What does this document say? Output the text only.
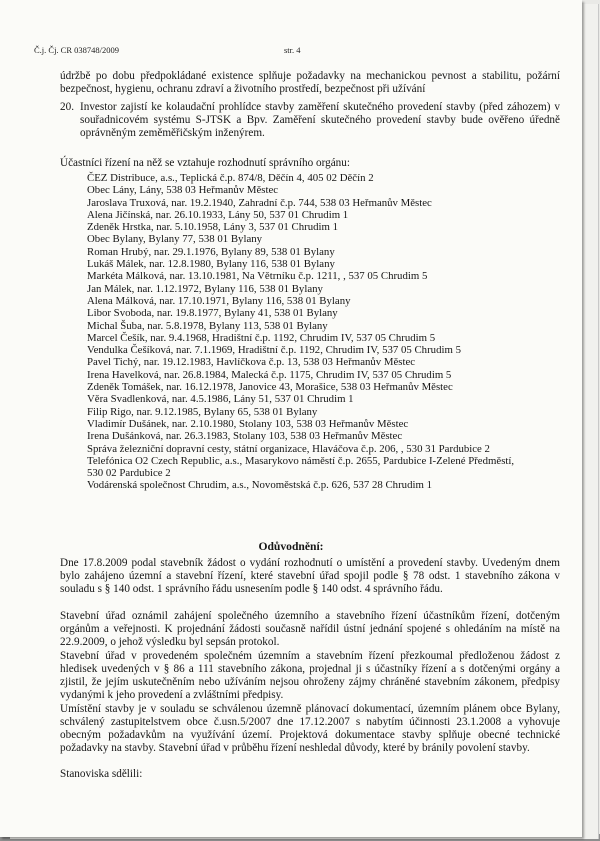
Č.j. Čj. CR 038748/2009	str. 4
údržbě po dobu předpokládané existence splňuje požadavky na mechanickou pevnost a stabilitu, požární bezpečnost, hygienu, ochranu zdraví a životního prostředí, bezpečnost při užívání
20. Investor zajistí ke kolaudační prohlídce stavby zaměření skutečného provedení stavby (před záhozem) v souřadnicovém systému S-JTSK a Bpv. Zaměření skutečného provedení stavby bude ověřeno úředně oprávněným zeměměřičským inženýrem.
Účastníci řízení na něž se vztahuje rozhodnutí správního orgánu:
ČEZ Distribuce, a.s., Teplická č.p. 874/8, Děčín 4, 405 02 Děčín 2
Obec Lány, Lány, 538 03 Heřmanův Městec
Jaroslava Truxová, nar. 19.2.1940, Zahradní č.p. 744, 538 03 Heřmanův Městec
Alena Jičínská, nar. 26.10.1933, Lány 50, 537 01 Chrudim 1
Zdeněk Hrstka, nar. 5.10.1958, Lány 3, 537 01 Chrudim 1
Obec Bylany, Bylany 77, 538 01 Bylany
Roman Hrubý, nar. 29.1.1976, Bylany 89, 538 01 Bylany
Lukáš Málek, nar. 12.8.1980, Bylany 116, 538 01 Bylany
Markéta Málková, nar. 13.10.1981, Na Větrníku č.p. 1211, , 537 05 Chrudim 5
Jan Málek, nar. 1.12.1972, Bylany 116, 538 01 Bylany
Alena Málková, nar. 17.10.1971, Bylany 116, 538 01 Bylany
Libor Svoboda, nar. 19.8.1977, Bylany 41, 538 01 Bylany
Michal Šuba, nar. 5.8.1978, Bylany 113, 538 01 Bylany
Marcel Češík, nar. 9.4.1968, Hradištní č.p. 1192, Chrudim IV, 537 05 Chrudim 5
Vendulka Češíková, nar. 7.1.1969, Hradištní č.p. 1192, Chrudim IV, 537 05 Chrudim 5
Pavel Tichý, nar. 19.12.1983, Havlíčkova č.p. 13, 538 03 Heřmanův Městec
Irena Havelková, nar. 26.8.1984, Malecká č.p. 1175, Chrudim IV, 537 05 Chrudim 5
Zdeněk Tomášek, nar. 16.12.1978, Janovice 43, Morašice, 538 03 Heřmanův Městec
Věra Svadlenková, nar. 4.5.1986, Lány 51, 537 01 Chrudim 1
Filip Rigo, nar. 9.12.1985, Bylany 65, 538 01 Bylany
Vladimír Dušánek, nar. 2.10.1980, Stolany 103, 538 03 Heřmanův Městec
Irena Dušánková, nar. 26.3.1983, Stolany 103, 538 03 Heřmanův Městec
Správa železniční dopravní cesty, státní organizace, Hlaváčova č.p. 206, , 530 31 Pardubice 2
Telefónica O2 Czech Republic, a.s., Masarykovo náměstí č.p. 2655, Pardubice I-Zelené Předměstí,
530 02 Pardubice 2
Vodárenská společnost Chrudim, a.s., Novoměstská č.p. 626, 537 28 Chrudim 1
Odůvodnění:
Dne 17.8.2009 podal stavebník žádost o vydání rozhodnutí o umístění a provedení stavby. Uvedeným dnem bylo zahájeno územní a stavební řízení, které stavební úřad spojil podle § 78 odst. 1 stavebního zákona v souladu s § 140 odst. 1 správního řádu usnesením podle § 140 odst. 4 správního řádu.
Stavební úřad oznámil zahájení společného územního a stavebního řízení účastníkům řízení, dotčeným orgánům a veřejnosti. K projednání žádosti současně nařídil ústní jednání spojené s ohledáním na místě na 22.9.2009, o jehož výsledku byl sepsán protokol.
Stavební úřad v provedeném společném územním a stavebním řízení přezkoumal předloženou žádost z hledisek uvedených v § 86 a 111 stavebního zákona, projednal ji s účastníky řízení a s dotčenými orgány a zjistil, že jejím uskutečněním nebo užíváním nejsou ohroženy zájmy chráněné stavebním zákonem, předpisy vydanými k jeho provedení a zvláštními předpisy.
Umístění stavby je v souladu se schválenou územně plánovací dokumentací, územním plánem obce Bylany, schválený zastupitelstvem obce č.usn.5/2007 dne 17.12.2007 s nabytím účinnosti 23.1.2008 a vyhovuje obecným požadavkům na využívání území. Projektová dokumentace stavby splňuje obecné technické požadavky na stavby. Stavební úřad v průběhu řízení neshledal důvody, které by bránily povolení stavby.
Stanoviska sdělili:
